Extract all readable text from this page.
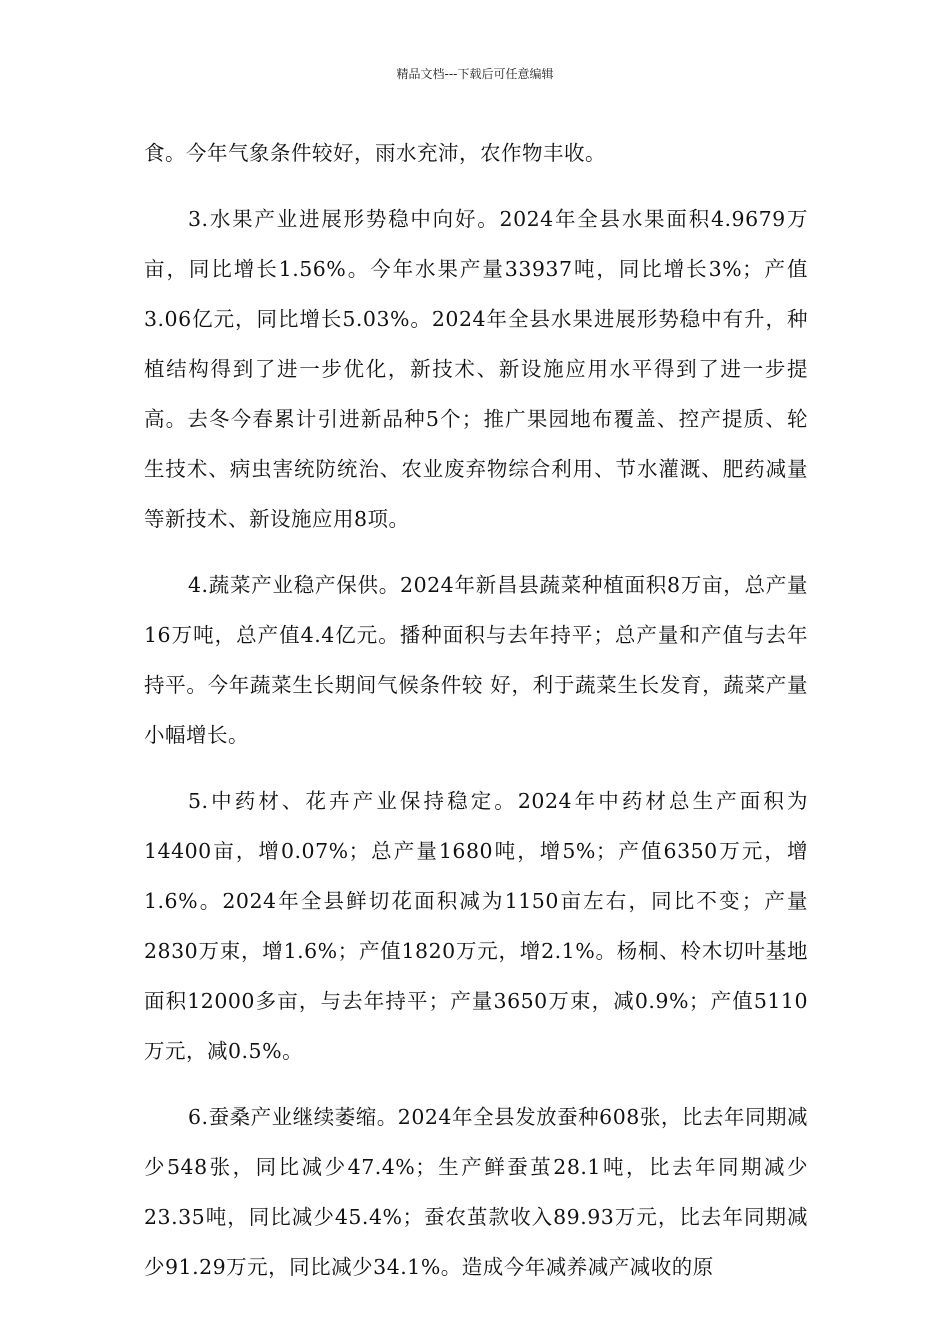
精品文档---下载后可任意编辑

食。今年气象条件较好，雨水充沛，农作物丰收。

3.水果产业进展形势稳中向好。2024年全县水果面积4.9679万亩，同比增长1.56%。今年水果产量33937吨，同比增长3%；产值3.06亿元，同比增长5.03%。2024年全县水果进展形势稳中有升，种植结构得到了进一步优化，新技术、新设施应用水平得到了进一步提高。去冬今春累计引进新品种5个；推广果园地布覆盖、控产提质、轮生技术、病虫害统防统治、农业废弃物综合利用、节水灌溉、肥药减量等新技术、新设施应用8项。

4.蔬菜产业稳产保供。2024年新昌县蔬菜种植面积8万亩，总产量16万吨，总产值4.4亿元。播种面积与去年持平；总产量和产值与去年持平。今年蔬菜生长期间气候条件较 好，利于蔬菜生长发育，蔬菜产量小幅增长。

5.中药材、花卉产业保持稳定。2024年中药材总生产面积为14400亩，增0.07%；总产量1680吨，增5%；产值6350万元，增1.6%。2024年全县鲜切花面积减为1150亩左右，同比不变；产量2830万束，增1.6%；产值1820万元，增2.1%。杨桐、柃木切叶基地面积12000多亩，与去年持平；产量3650万束，减0.9%；产值5110万元，减0.5%。

6.蚕桑产业继续萎缩。2024年全县发放蚕种608张，比去年同期减少548张，同比减少47.4%；生产鲜蚕茧28.1吨，比去年同期减少23.35吨，同比减少45.4%；蚕农茧款收入89.93万元，比去年同期减少91.29万元，同比减少34.1%。造成今年减养减产减收的原
